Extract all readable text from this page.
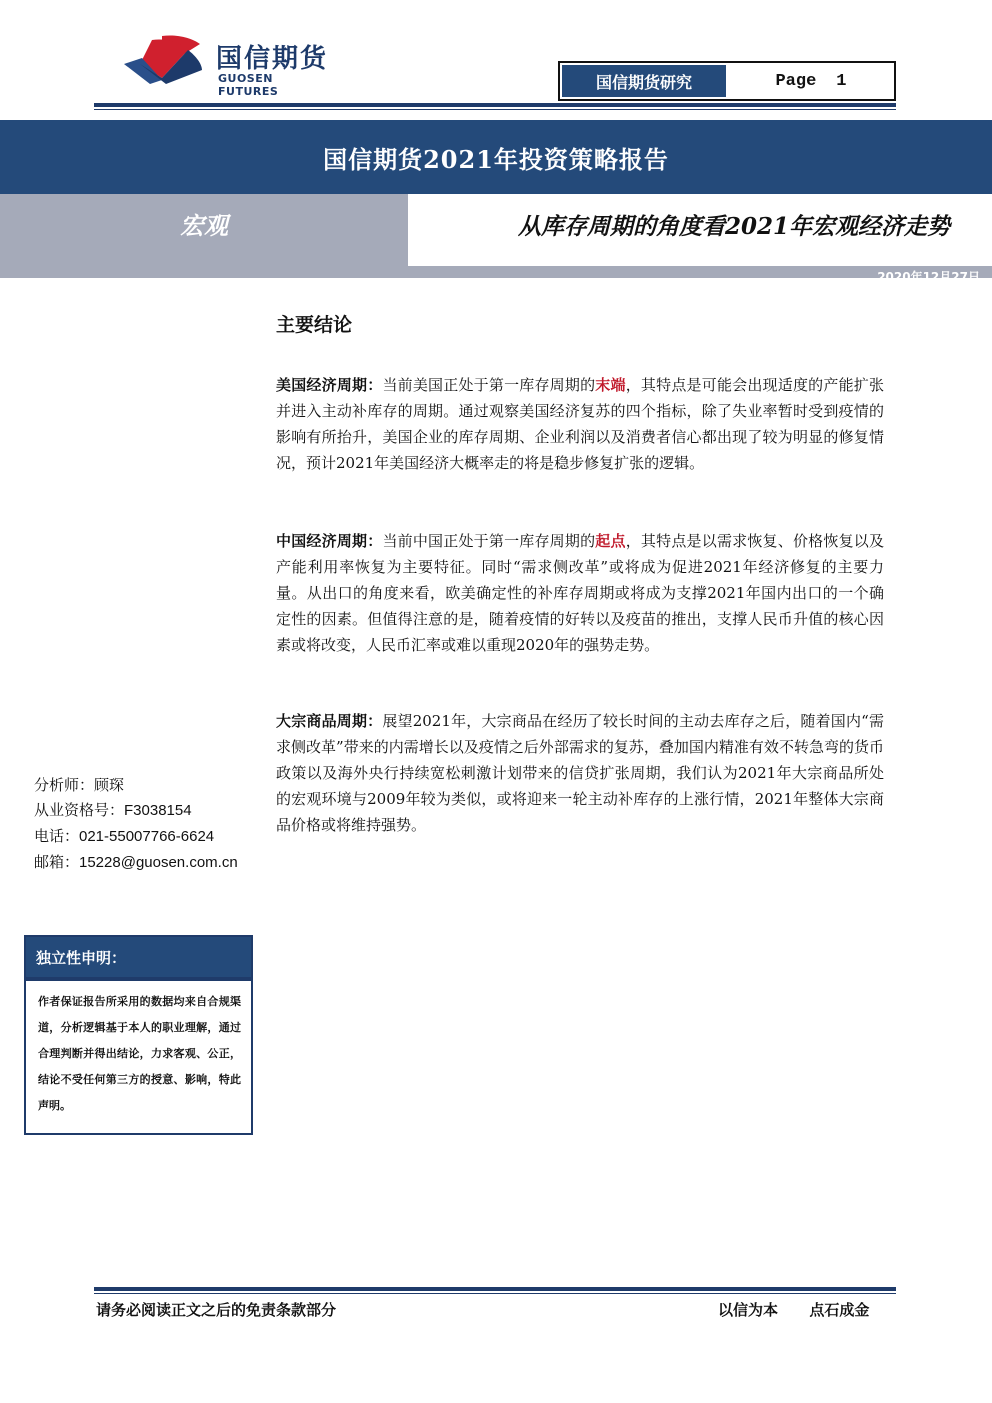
国信期货
GUOSEN FUTURES	国信期货研究	Page 1
国信期货2021年投资策略报告
宏观	从库存周期的角度看2021年宏观经济走势
2020年12月27日
主要结论
美国经济周期：当前美国正处于第一库存周期的末端，其特点是可能会出现适度的产能扩张并进入主动补库存的周期。通过观察美国经济复苏的四个指标，除了失业率暂时受到疫情的影响有所抬升，美国企业的库存周期、企业利润以及消费者信心都出现了较为明显的修复情况，预计2021年美国经济大概率走的将是稳步修复扩张的逻辑。
中国经济周期：当前中国正处于第一库存周期的起点，其特点是以需求恢复、价格恢复以及产能利用率恢复为主要特征。同时“需求侧改革”或将成为促进2021年经济修复的主要力量。从出口的角度来看，欧美确定性的补库存周期或将成为支撑2021年国内出口的一个确定性的因素。但值得注意的是，随着疫情的好转以及疫苗的推出，支撑人民币升值的核心因素或将改变，人民币汇率或难以重现2020年的强势走势。
大宗商品周期：展望2021年，大宗商品在经历了较长时间的主动去库存之后，随着国内“需求侧改革”带来的内需增长以及疫情之后外部需求的复苏，叠加国内精准有效不转急弯的货币政策以及海外央行持续宽松刺激计划带来的信贷扩张周期，我们认为2021年大宗商品所处的宏观环境与2009年较为类似，或将迎来一轮主动补库存的上涨行情，2021年整体大宗商品价格或将维持强势。
分析师：顾琛
从业资格号：F3038154
电话：021-55007766-6624
邮箱：15228@guosen.com.cn
独立性申明：
作者保证报告所采用的数据均来自合规渠道，分析逻辑基于本人的职业理解，通过合理判断并得出结论，力求客观、公正，结论不受任何第三方的授意、影响，特此声明。
请务必阅读正文之后的免责条款部分	以信为本 点石成金
